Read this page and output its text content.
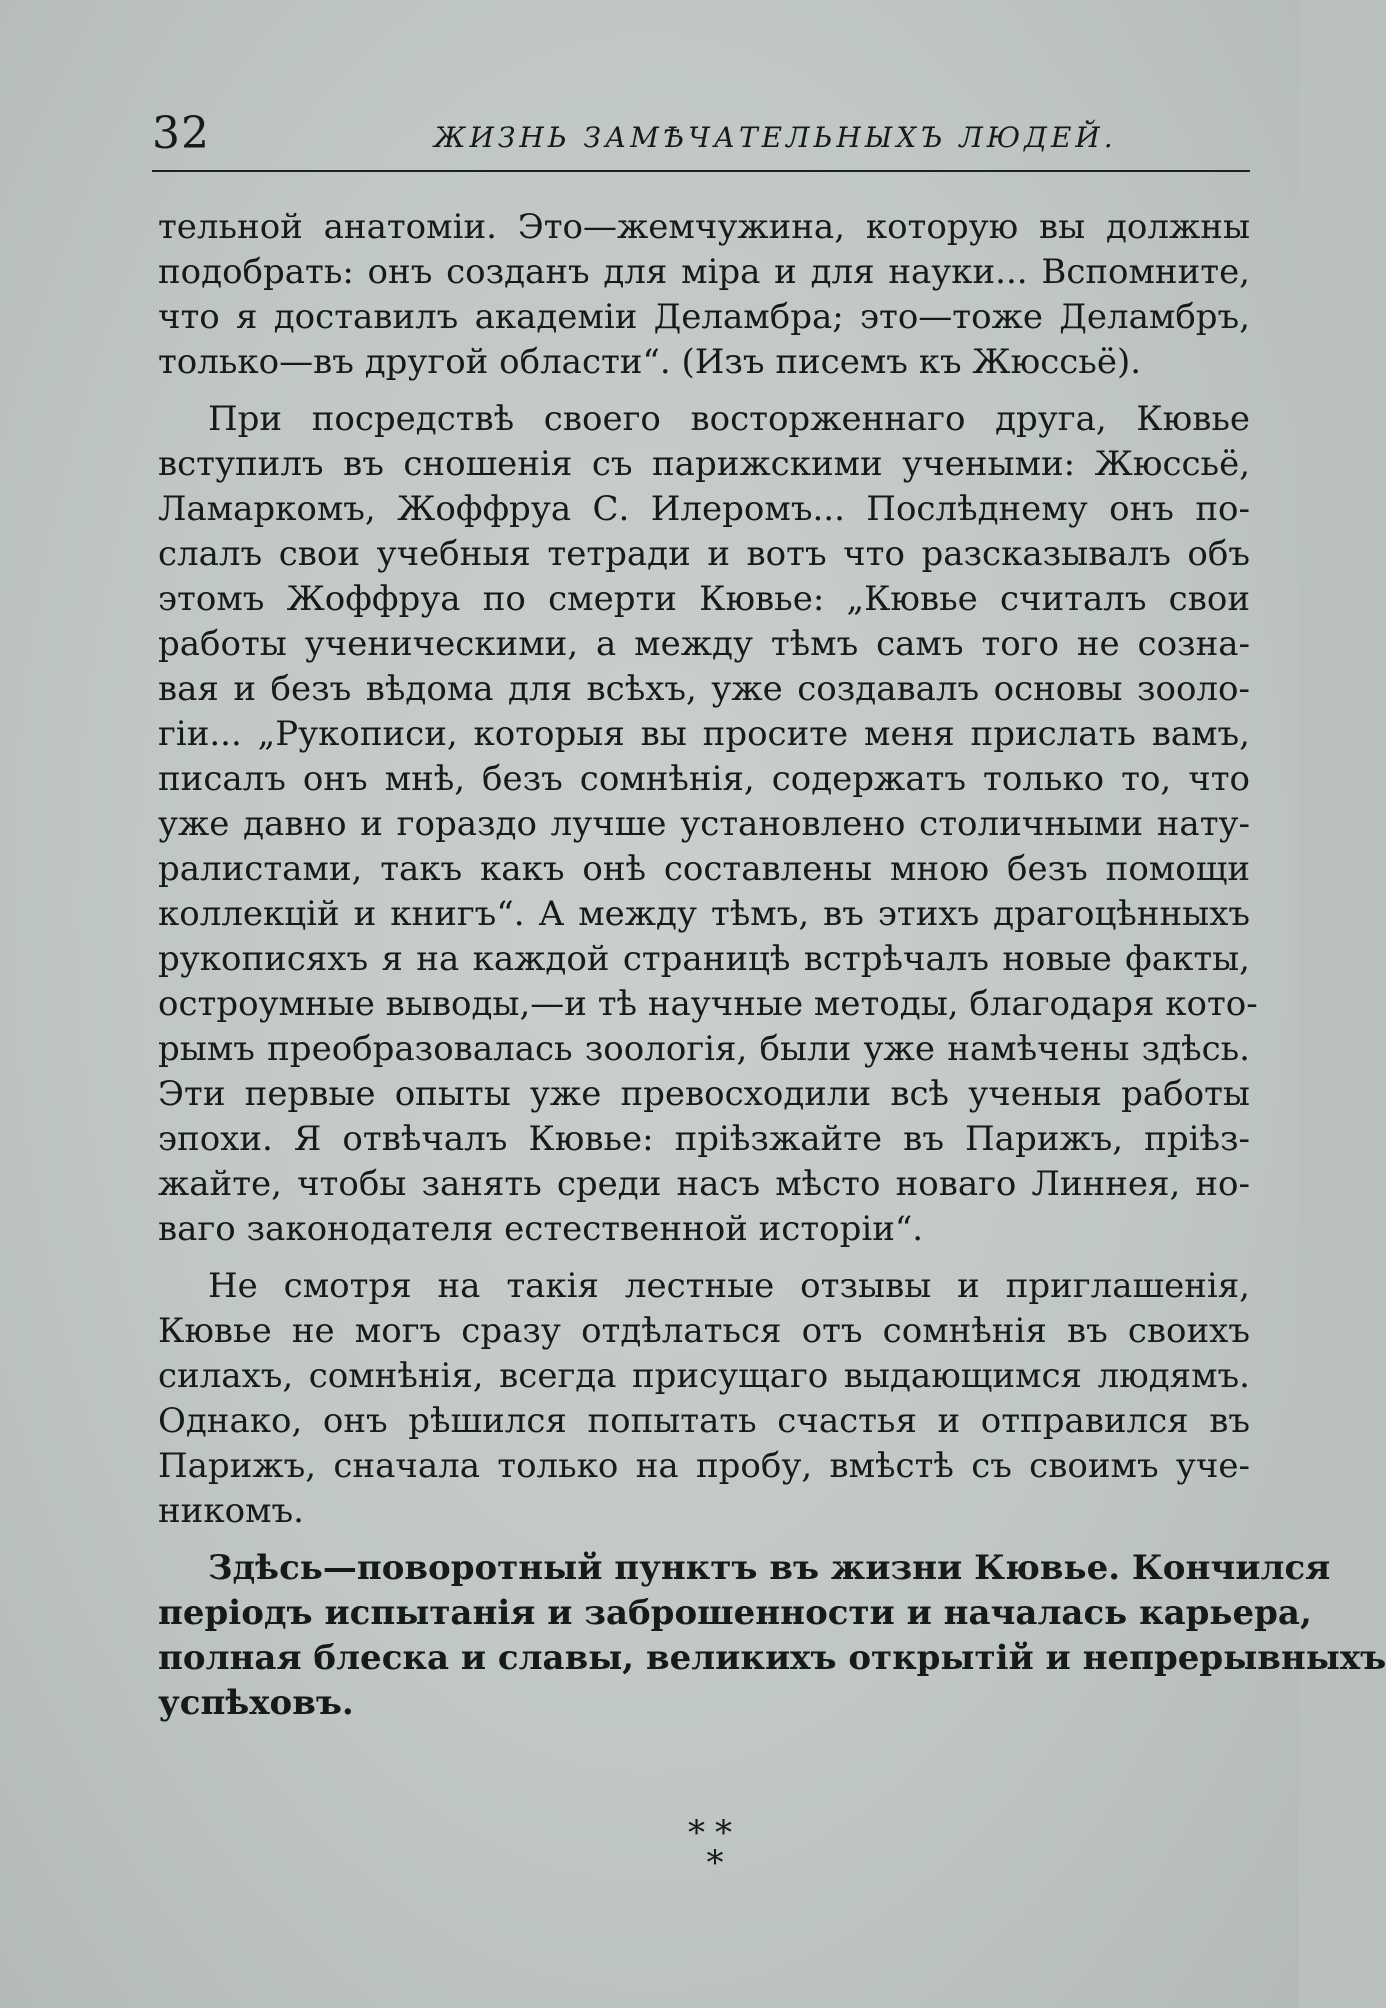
32	ЖИЗНЬ ЗАМѢЧАТЕЛЬНЫХЪ ЛЮДЕЙ.
тельной анатоміи. Это—жемчужина, которую вы должны
подобрать: онъ созданъ для міра и для науки... Вспомните,
что я доставилъ академіи Деламбра; это—тоже Деламбръ,
только—въ другой области“. (Изъ писемъ къ Жюссьё).
При посредствѣ своего восторженнаго друга, Кювье
вступилъ въ сношенія съ парижскими учеными: Жюссьё,
Ламаркомъ, Жоффруа С. Илеромъ... Послѣднему онъ по-
слалъ свои учебныя тетради и вотъ что разсказывалъ объ
этомъ Жоффруа по смерти Кювье: „Кювье считалъ свои
работы ученическими, а между тѣмъ самъ того не созна-
вая и безъ вѣдома для всѣхъ, уже создавалъ основы зооло-
гіи... „Рукописи, которыя вы просите меня прислать вамъ,
писалъ онъ мнѣ, безъ сомнѣнія, содержатъ только то, что
уже давно и гораздо лучше установлено столичными нату-
ралистами, такъ какъ онѣ составлены мною безъ помощи
коллекцій и книгъ“. А между тѣмъ, въ этихъ драгоцѣнныхъ
рукописяхъ я на каждой страницѣ встрѣчалъ новые факты,
остроумные выводы,—и тѣ научные методы, благодаря кото-
рымъ преобразовалась зоологія, были уже намѣчены здѣсь.
Эти первые опыты уже превосходили всѣ ученыя работы
эпохи. Я отвѣчалъ Кювье: пріѣзжайте въ Парижъ, пріѣз-
жайте, чтобы занять среди насъ мѣсто новаго Линнея, но-
ваго законодателя естественной исторіи“.
Не смотря на такія лестные отзывы и приглашенія,
Кювье не могъ сразу отдѣлаться отъ сомнѣнія въ своихъ
силахъ, сомнѣнія, всегда присущаго выдающимся людямъ.
Однако, онъ рѣшился попытать счастья и отправился въ
Парижъ, сначала только на пробу, вмѣстѣ съ своимъ уче-
никомъ.
Здѣсь—поворотный пунктъ въ жизни Кювье. Кончился
періодъ испытанія и заброшенности и началась карьера,
полная блеска и славы, великихъ открытій и непрерывныхъ
успѣховъ.
**
*
